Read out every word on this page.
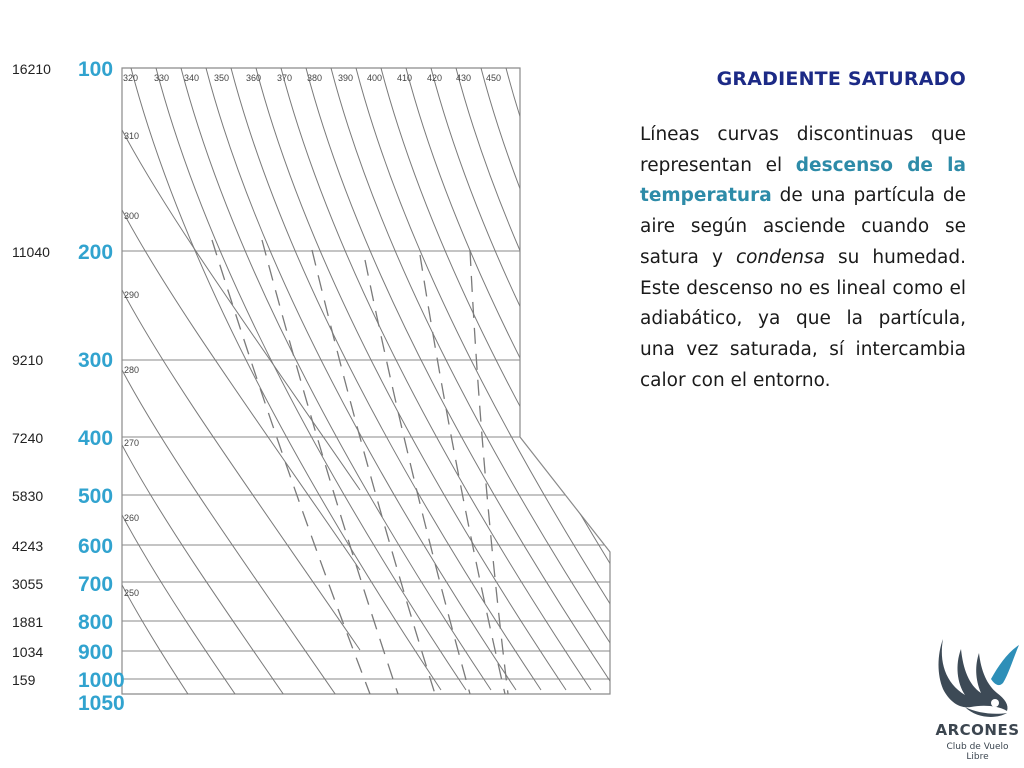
100
16210
200
11040
300
9210
400
7240
500
5830
600
4243
700
3055
800
1881
900
1034
1000
159
1050
320 330 340 350 360 370 380 390 400 410 420 430 450
310
300
290
280
270
260
250
GRADIENTE SATURADO

Líneas curvas discontinuas que representan el descenso de la temperatura de una partícula de aire según asciende cuando se satura y condensa su humedad. Este descenso no es lineal como el adiabático, ya que la partícula, una vez saturada, sí intercambia calor con el entorno.

ARCONES
Club de Vuelo Libre
